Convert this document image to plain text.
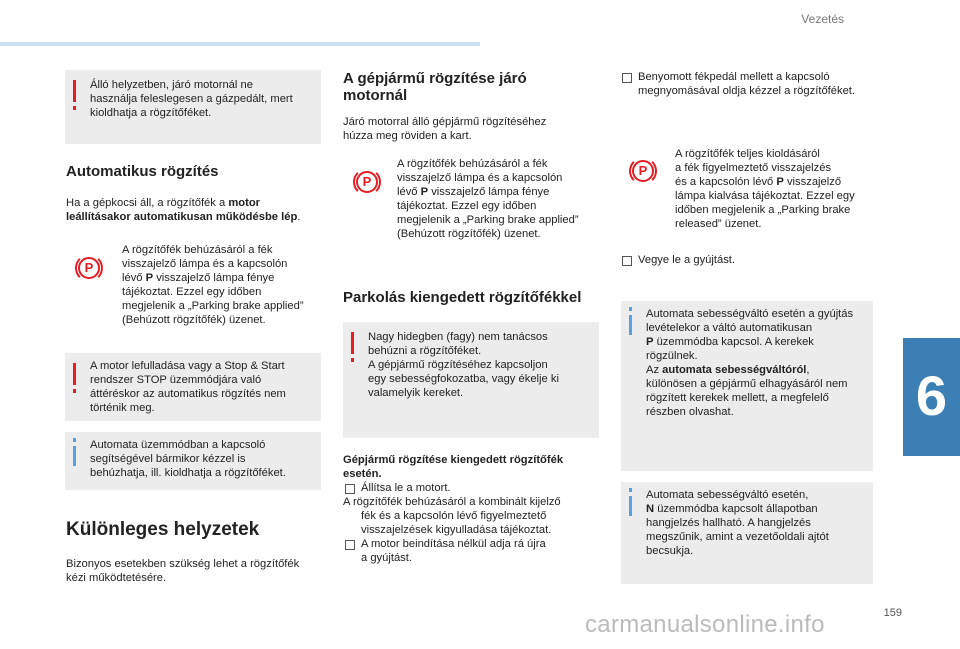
Vezetés
Álló helyzetben, járó motornál ne
használja feleslegesen a gázpedált, mert
kioldhatja a rögzítőféket.
Automatikus rögzítés
Ha a gépkocsi áll, a rögzítőfék a motor
leállításakor automatikusan működésbe lép.
P
A rögzítőfék behúzásáról a fék
visszajelző lámpa és a kapcsolón
lévő P visszajelző lámpa fénye
tájékoztat. Ezzel egy időben
megjelenik a „Parking brake applied”
(Behúzott rögzítőfék) üzenet.
A motor lefulladása vagy a Stop & Start
rendszer STOP üzemmódjára való
áttéréskor az automatikus rögzítés nem
történik meg.
Automata üzemmódban a kapcsoló
segítségével bármikor kézzel is
behúzhatja, ill. kioldhatja a rögzítőféket.
Különleges helyzetek
Bizonyos esetekben szükség lehet a rögzítőfék
kézi működtetésére.
A gépjármű rögzítése járó
motornál
Járó motorral álló gépjármű rögzítéséhez
húzza meg röviden a kart.
P
A rögzítőfék behúzásáról a fék
visszajelző lámpa és a kapcsolón
lévő P visszajelző lámpa fénye
tájékoztat. Ezzel egy időben
megjelenik a „Parking brake applied”
(Behúzott rögzítőfék) üzenet.
Parkolás kiengedett rögzítőfékkel
Nagy hidegben (fagy) nem tanácsos
behúzni a rögzítőféket.
A gépjármű rögzítéséhez kapcsoljon
egy sebességfokozatba, vagy ékelje ki
valamelyik kereket.
Gépjármű rögzítése kiengedett rögzítőfék
esetén.
Állítsa le a motort.
A rögzítőfék behúzásáról a kombinált kijelző
fék és a kapcsolón lévő figyelmeztető
visszajelzések kigyulladása tájékoztat.
A motor beindítása nélkül adja rá újra
a gyújtást.
Benyomott fékpedál mellett a kapcsoló
megnyomásával oldja kézzel a rögzítőféket.
P
A rögzítőfék teljes kioldásáról
a fék figyelmeztető visszajelzés
és a kapcsolón lévő P visszajelző
lámpa kialvása tájékoztat. Ezzel egy
időben megjelenik a „Parking brake
released” üzenet.
Vegye le a gyújtást.
Automata sebességváltó esetén a gyújtás
levételekor a váltó automatikusan
P üzemmódba kapcsol. A kerekek
rögzülnek.
Az automata sebességváltóról,
különösen a gépjármű elhagyásáról nem
rögzített kerekek mellett, a megfelelő
részben olvashat.
Automata sebességváltó esetén,
N üzemmódba kapcsolt állapotban
hangjelzés hallható. A hangjelzés
megszűnik, amint a vezetőoldali ajtót
becsukja.
6
159
carmanualsonline.info
